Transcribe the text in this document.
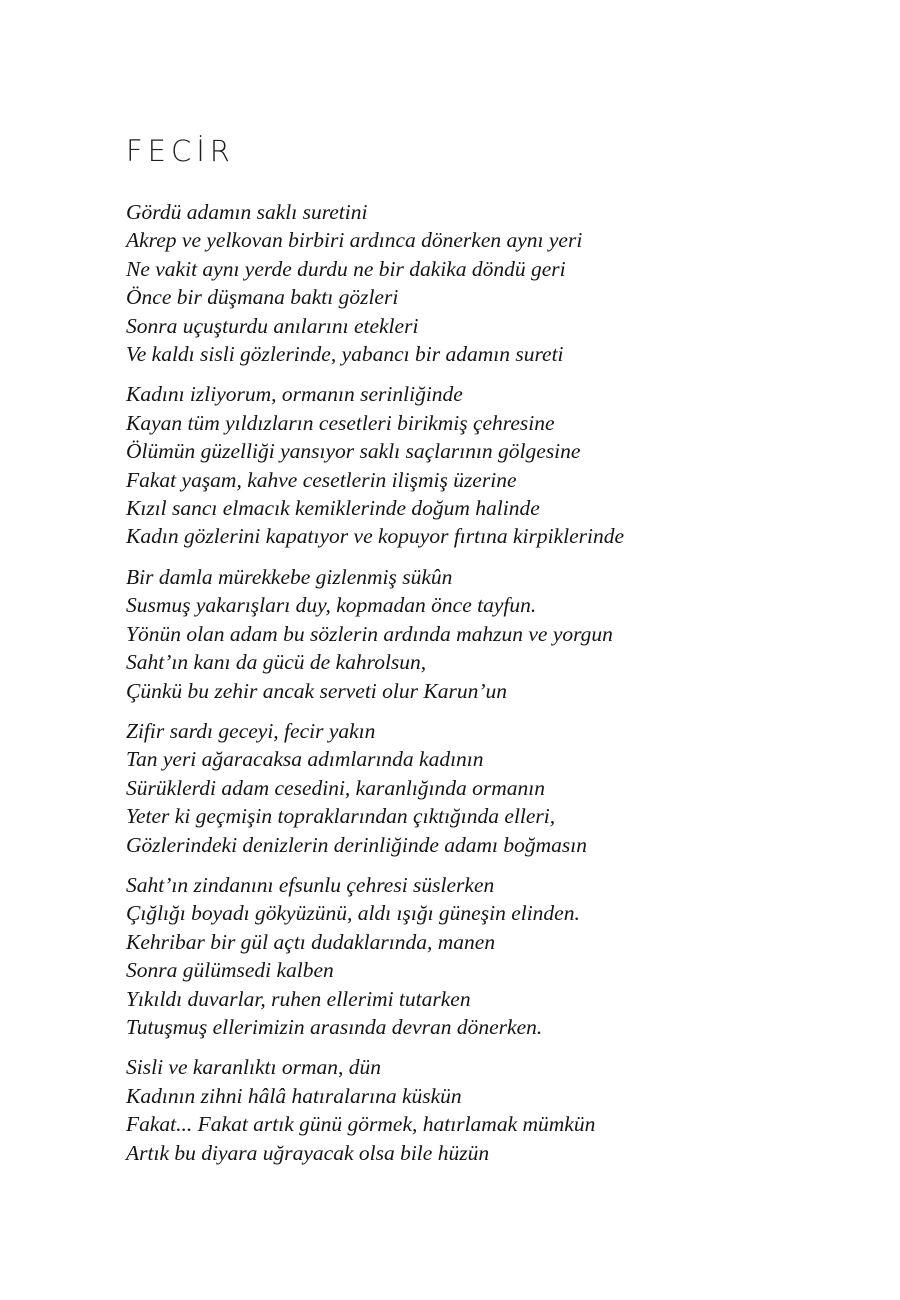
FECİR
Gördü adamın saklı suretini
Akrep ve yelkovan birbiri ardınca dönerken aynı yeri
Ne vakit aynı yerde durdu ne bir dakika döndü geri
Önce bir düşmana baktı gözleri
Sonra uçuşturdu anılarını etekleri
Ve kaldı sisli gözlerinde, yabancı bir adamın sureti
Kadını izliyorum, ormanın serinliğinde
Kayan tüm yıldızların cesetleri birikmiş çehresine
Ölümün güzelliği yansıyor saklı saçlarının gölgesine
Fakat yaşam, kahve cesetlerin ilişmiş üzerine
Kızıl sancı elmacık kemiklerinde doğum halinde
Kadın gözlerini kapatıyor ve kopuyor fırtına kirpiklerinde
Bir damla mürekkebe gizlenmiş sükûn
Susmuş yakarışları duy, kopmadan önce tayfun.
Yönün olan adam bu sözlerin ardında mahzun ve yorgun
Saht’ın kanı da gücü de kahrolsun,
Çünkü bu zehir ancak serveti olur Karun’un
Zifir sardı geceyi, fecir yakın
Tan yeri ağaracaksa adımlarında kadının
Sürüklerdi adam cesedini, karanlığında ormanın
Yeter ki geçmişin topraklarından çıktığında elleri,
Gözlerindeki denizlerin derinliğinde adamı boğmasın
Saht’ın zindanını efsunlu çehresi süslerken
Çığlığı boyadı gökyüzünü, aldı ışığı güneşin elinden.
Kehribar bir gül açtı dudaklarında, manen
Sonra gülümsedi kalben
Yıkıldı duvarlar, ruhen ellerimi tutarken
Tutuşmuş ellerimizin arasında devran dönerken.
Sisli ve karanlıktı orman, dün
Kadının zihni hâlâ hatıralarına küskün
Fakat... Fakat artık günü görmek, hatırlamak mümkün
Artık bu diyara uğrayacak olsa bile hüzün
